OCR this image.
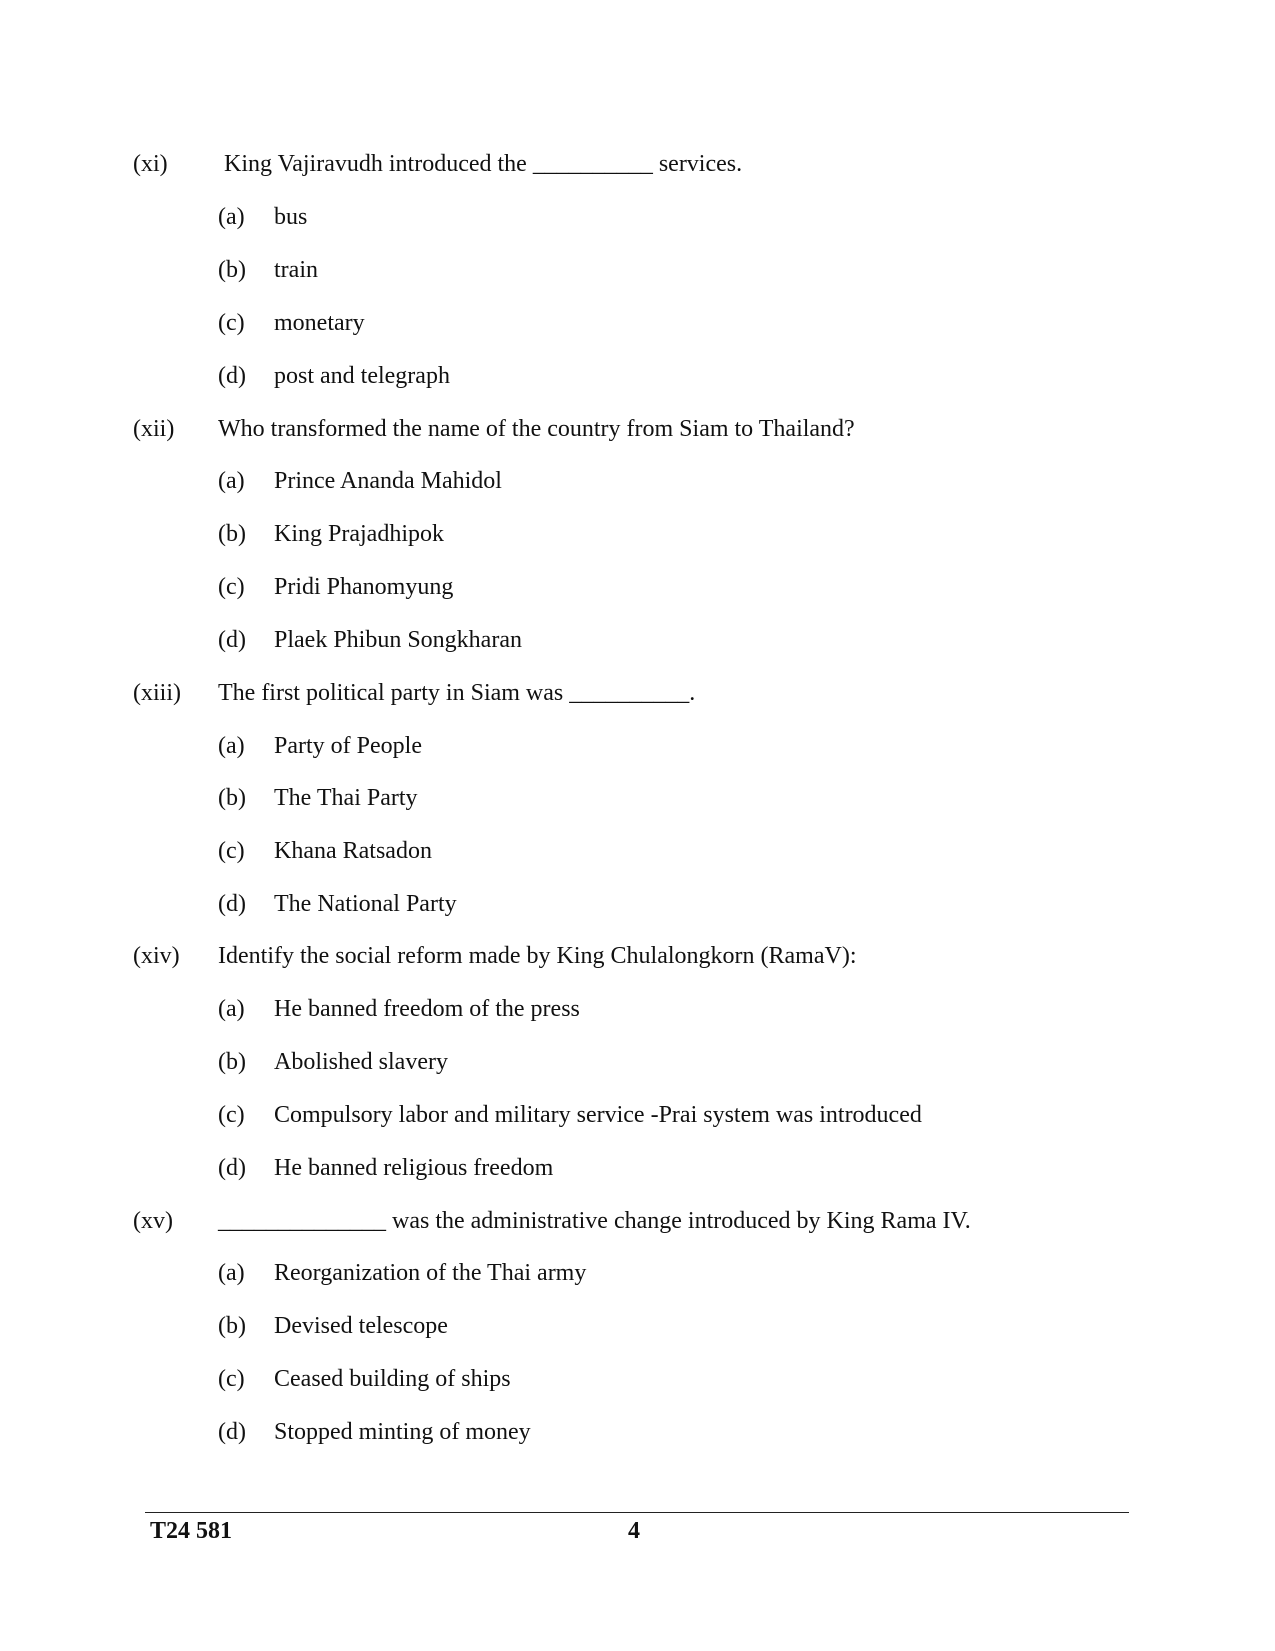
(xi) King Vajiravudh introduced the __________ services.
(a) bus
(b) train
(c) monetary
(d) post and telegraph
(xii) Who transformed the name of the country from Siam to Thailand?
(a) Prince Ananda Mahidol
(b) King Prajadhipok
(c) Pridi Phanomyung
(d) Plaek Phibun Songkharan
(xiii) The first political party in Siam was __________.
(a) Party of People
(b) The Thai Party
(c) Khana Ratsadon
(d) The National Party
(xiv) Identify the social reform made by King Chulalongkorn (RamaV):
(a) He banned freedom of the press
(b) Abolished slavery
(c) Compulsory labor and military service -Prai system was introduced
(d) He banned religious freedom
(xv) ______________ was the administrative change introduced by King Rama IV.
(a) Reorganization of the Thai army
(b) Devised telescope
(c) Ceased building of ships
(d) Stopped minting of money
T24 581	4
